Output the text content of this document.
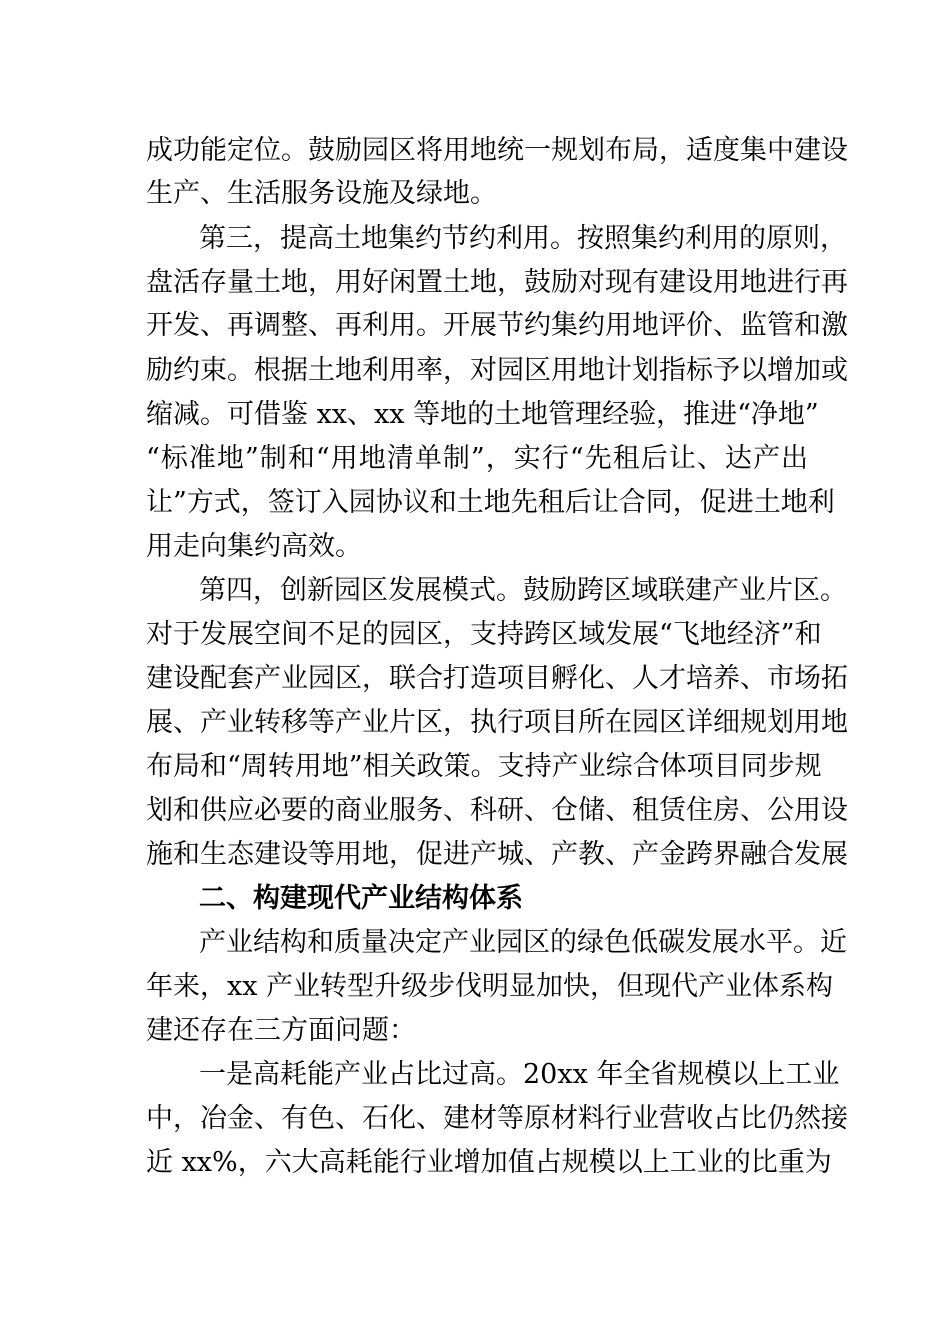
成功能定位。鼓励园区将用地统一规划布局，适度集中建设
生产、生活服务设施及绿地。
第三，提高土地集约节约利用。按照集约利用的原则，
盘活存量土地，用好闲置土地，鼓励对现有建设用地进行再
开发、再调整、再利用。开展节约集约用地评价、监管和激
励约束。根据土地利用率，对园区用地计划指标予以增加或
缩减。可借鉴 xx、xx 等地的土地管理经验，推进“净地”
“标准地”制和“用地清单制”，实行“先租后让、达产出
让”方式，签订入园协议和土地先租后让合同，促进土地利
用走向集约高效。
第四，创新园区发展模式。鼓励跨区域联建产业片区。
对于发展空间不足的园区，支持跨区域发展“飞地经济”和
建设配套产业园区，联合打造项目孵化、人才培养、市场拓
展、产业转移等产业片区，执行项目所在园区详细规划用地
布局和“周转用地”相关政策。支持产业综合体项目同步规
划和供应必要的商业服务、科研、仓储、租赁住房、公用设
施和生态建设等用地，促进产城、产教、产金跨界融合发展
二、构建现代产业结构体系
产业结构和质量决定产业园区的绿色低碳发展水平。近
年来，xx 产业转型升级步伐明显加快，但现代产业体系构
建还存在三方面问题：
一是高耗能产业占比过高。20xx 年全省规模以上工业
中，冶金、有色、石化、建材等原材料行业营收占比仍然接
近 xx%，六大高耗能行业增加值占规模以上工业的比重为
